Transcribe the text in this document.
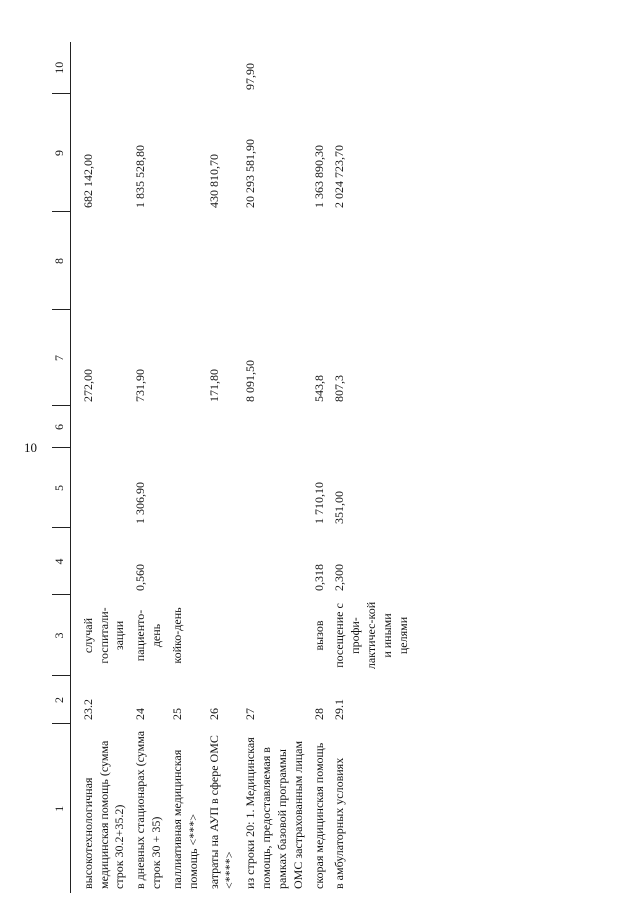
10
1	2	3	4	5	6	7	8	9	10
высокотехнологичная медицинская помощь (сумма строк 30.2+35.2)	23.2	случай госпитали-зации				272,00		682 142,00	
в дневных стационарах (сумма строк 30 + 35)	24	пациенто-день	0,560	1 306,90		731,90		1 835 528,80	
паллиативная медицинская помощь <***>	25	койко-день							
затраты на АУП в сфере ОМС <****>	26					171,80		430 810,70	
из строки 20: 1. Медицинская помощь, предоставляемая в рамках базовой программы ОМС застрахованным лицам	27					8 091,50		20 293 581,90	97,90
скорая медицинская помощь	28	вызов	0,318	1 710,10		543,8		1 363 890,30	
в амбулаторных условиях	29.1	посещение с профи-лактичес-кой и иными целями	2,300	351,00		807,3		2 024 723,70	
